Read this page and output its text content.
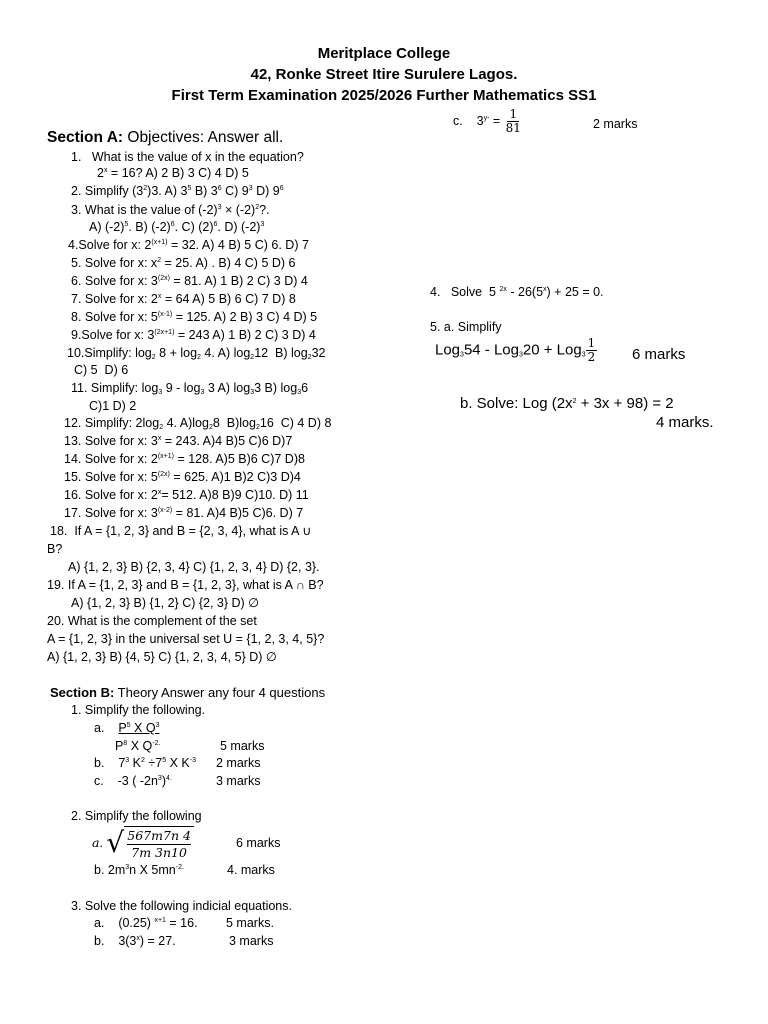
Meritplace College
42, Ronke Street Itire Surulere Lagos.
First Term Examination 2025/2026 Further Mathematics SS1
Section A: Objectives: Answer all.
1.   What is the value of x in the equation?
$2^x = 16$? A) 2 B) 3 C) 4 D) 5
2. Simplify $(3^2)3$. A) $3^5$ B) $3^6$ C) $9^3$ D) $9^6$
3. What is the value of $(-2)^3 \times (-2)^2$?.
A) $(-2)^5$. B) $(-2)^6$. C) $(2)^6$. D) $(-2)^3$
4.Solve for x: $2^{(x+1)} = 32$. A) 4 B) 5 C) 6. D) 7
5. Solve for x: $x^2 = 25$. A) . B) 4 C) 5 D) 6
6. Solve for x: $3^{(2x)} = 81$. A) 1 B) 2 C) 3 D) 4
7. Solve for x: $2^x = 64$ A) 5 B) 6 C) 7 D) 8
8. Solve for x: $5^{(x-1)} = 125$. A) 2 B) 3 C) 4 D) 5
9.Solve for x: $3^{(2x+1)} = 243$ A) 1 B) 2 C) 3 D) 4
10.Simplify: $\log_2 8 + \log_2 4$. A) $\log_212$  B) $\log_232$
C) 5  D) 6
11. Simplify: $\log_3 9 - \log_3 3$ A) $\log_33$ B) $\log_36$
C)1 D) 2
12. Simplify: $2\log_2$ 4. $A)\log_28$  $B)\log_216$  C) 4 D) 8
13. Solve for x: $3^x = 243$. A)4 B)5 C)6 D)7
14. Solve for x: $2^{(x+1)} = 128$. A)5 B)6 C)7 D)8
15. Solve for x: $5^{(2x)} = 625$. A)1 B)2 C)3 D)4
16. Solve for x: $2^x= 512$. A)8 B)9 C)10. D) 11
17. Solve for x: $3^{(x-2)} = 81$. A)4 B)5 C)6. D) 7
18.  If A = {1, 2, 3} and B = {2, 3, 4}, what is A ∪
B?
A) {1, 2, 3} B) {2, 3, 4} C) {1, 2, 3, 4} D) {2, 3}.
19. If A = {1, 2, 3} and B = {1, 2, 3}, what is A ∩ B?
A) {1, 2, 3} B) {1, 2} C) {2, 3} D) ∅
20. What is the complement of the set
A = {1, 2, 3} in the universal set U = {1, 2, 3, 4, 5}?
A) {1, 2, 3} B) {4, 5} C) {1, 2, 3, 4, 5} D) ∅
Section B: Theory Answer any four 4 questions
1. Simplify the following.
a.    $P^5$ X $Q^3$
$P^8$ X $Q^{-2.}$	5 marks
b.    $7^3$ $K^2 \div 7^5$ X $K^{-3}$ 2 marks
c.    -3 ( $-2n^3)^{4.}$	3 marks
2. Simplify the following
a. √ 567m7n 4
7m 3n10
6 marks
b. $2m^3n$ X $5mn^{-2.}$	4. marks
3. Solve the following indicial equations.
a.    (0.25) $^{x+1}$ = 16. 5 marks.
b.    $3(3^x) = 27$.	3 marks
c.    $3^{y-} = \frac{1}{81}$	2 marks
4.   Solve  5 $^{2x} - 26(5^x) + 25 = 0$.
5. a. Simplify
$Log_354 - Log_320 + Log_3 \frac{1}{2} 6$ marks
b. Solve: Log $(2x^2 + 3x + 98) = 2$
4 marks.
